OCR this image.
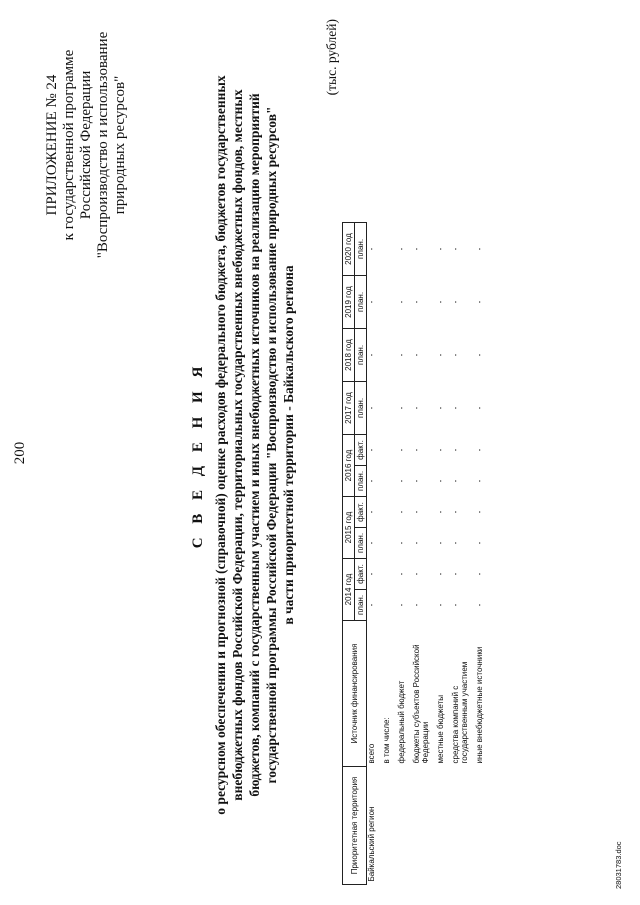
200
ПРИЛОЖЕНИЕ № 24 к государственной программе Российской Федерации "Воспроизводство и использование природных ресурсов"
С В Е Д Е Н И Я о ресурсном обеспечении и прогнозной (справочной) оценке расходов федерального бюджета, бюджетов государственных внебюджетных фондов Российской Федерации, территориальных государственных внебюджетных фондов, местных бюджетов, компаний с государственным участием и иных внебюджетных источников на реализацию мероприятий государственной программы Российской Федерации "Воспроизводство и использование природных ресурсов" в части приоритетной территории - Байкальского региона
(тыс. рублей)
Приоритетная территория	Источник финансирования	2014 год		2015 год		2016 год		2017 год	2018 год	2019 год	2020 год
		план.	факт.	план.	факт.	план.	факт.	план.	план.	план.	план.
Байкальский регион	всего	-	-	-	-	-	-	-	-	-	-
	в том числе:										
	федеральный бюджет	-	-	-	-	-	-	-	-	-	-
	бюджеты субъектов Российской Федерации	-	-	-	-	-	-	-	-	-	-
	местные бюджеты	-	-	-	-	-	-	-	-	-	-
	средства компаний с государственным участием	-	-	-	-	-	-	-	-	-	-
	иные внебюджетные источники	-	-	-	-	-	-	-	-	-	-
28031783.doc
